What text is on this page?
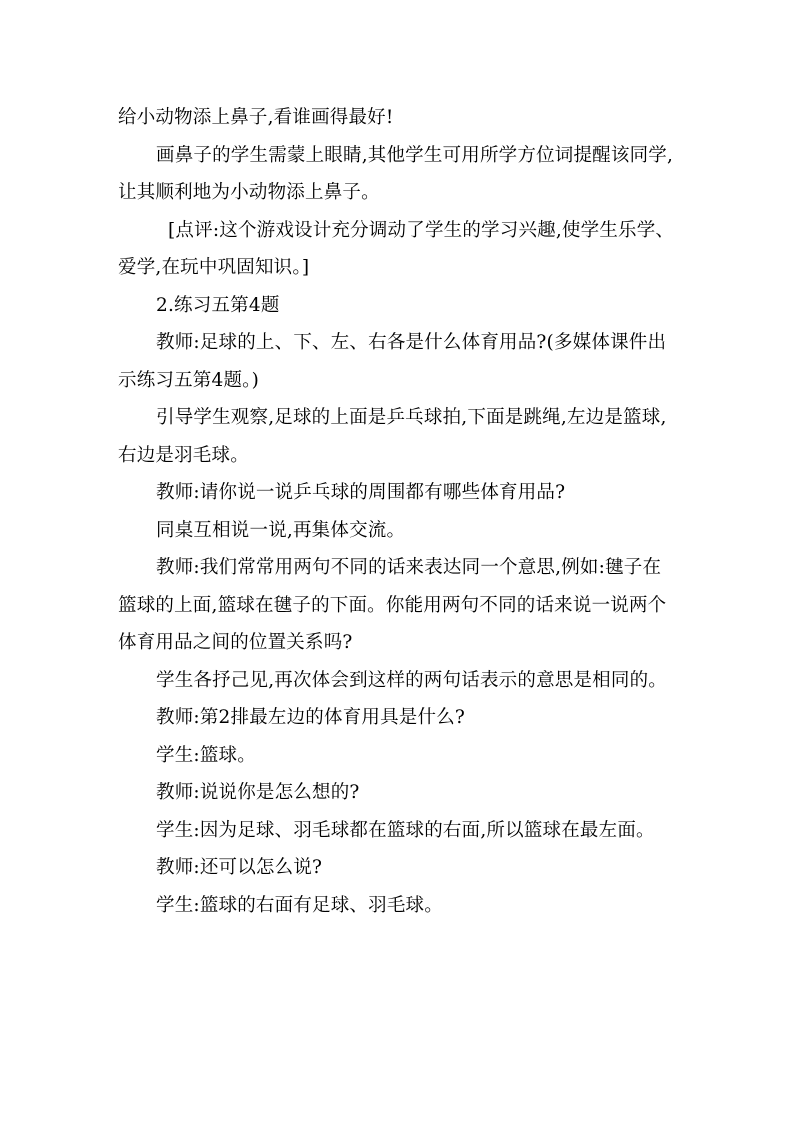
给小动物添上鼻子,看谁画得最好!

画鼻子的学生需蒙上眼睛,其他学生可用所学方位词提醒该同学,让其顺利地为小动物添上鼻子。

[点评:这个游戏设计充分调动了学生的学习兴趣,使学生乐学、爱学,在玩中巩固知识。]

2.练习五第4题

教师:足球的上、下、左、右各是什么体育用品?(多媒体课件出示练习五第4题。)

引导学生观察,足球的上面是乒乓球拍,下面是跳绳,左边是篮球,右边是羽毛球。

教师:请你说一说乒乓球的周围都有哪些体育用品?

同桌互相说一说,再集体交流。

教师:我们常常用两句不同的话来表达同一个意思,例如:毽子在篮球的上面,篮球在毽子的下面。你能用两句不同的话来说一说两个体育用品之间的位置关系吗?

学生各抒己见,再次体会到这样的两句话表示的意思是相同的。

教师:第2排最左边的体育用具是什么?

学生:篮球。

教师:说说你是怎么想的?

学生:因为足球、羽毛球都在篮球的右面,所以篮球在最左面。

教师:还可以怎么说?

学生:篮球的右面有足球、羽毛球。
